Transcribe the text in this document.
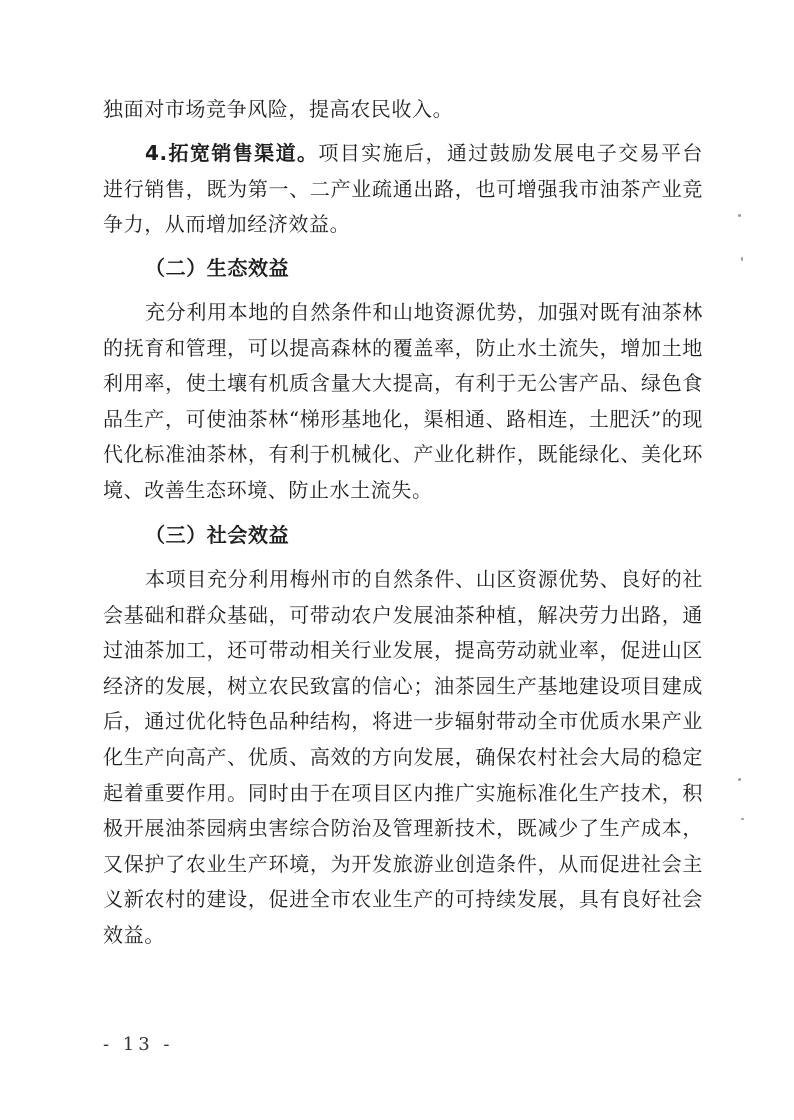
独面对市场竞争风险，提高农民收入。

4.拓宽销售渠道。项目实施后，通过鼓励发展电子交易平台进行销售，既为第一、二产业疏通出路，也可增强我市油茶产业竞争力，从而增加经济效益。

（二）生态效益

充分利用本地的自然条件和山地资源优势，加强对既有油茶林的抚育和管理，可以提高森林的覆盖率，防止水土流失，增加土地利用率，使土壤有机质含量大大提高，有利于无公害产品、绿色食品生产，可使油茶林“梯形基地化，渠相通、路相连，土肥沃”的现代化标准油茶林，有利于机械化、产业化耕作，既能绿化、美化环境、改善生态环境、防止水土流失。

（三）社会效益

本项目充分利用梅州市的自然条件、山区资源优势、良好的社会基础和群众基础，可带动农户发展油茶种植，解决劳力出路，通过油茶加工，还可带动相关行业发展，提高劳动就业率，促进山区经济的发展，树立农民致富的信心；油茶园生产基地建设项目建成后，通过优化特色品种结构，将进一步辐射带动全市优质水果产业化生产向高产、优质、高效的方向发展，确保农村社会大局的稳定起着重要作用。同时由于在项目区内推广实施标准化生产技术，积极开展油茶园病虫害综合防治及管理新技术，既减少了生产成本，又保护了农业生产环境，为开发旅游业创造条件，从而促进社会主义新农村的建设，促进全市农业生产的可持续发展，具有良好社会效益。

- 13 -
